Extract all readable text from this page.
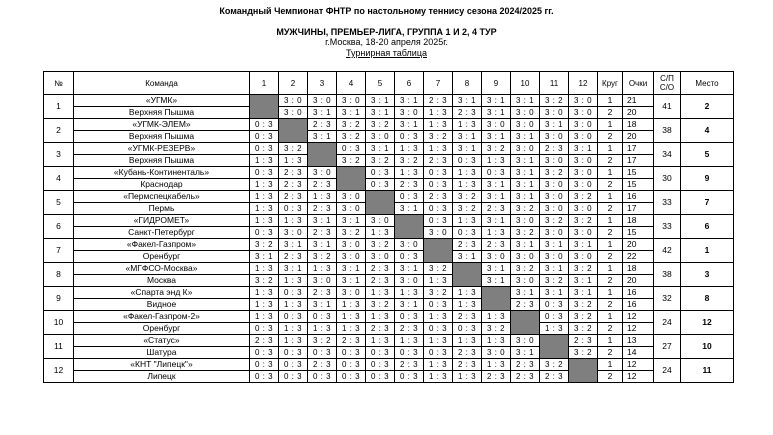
Командный Чемпионат ФНТР по настольному теннису сезона 2024/2025 гг.
МУЖЧИНЫ, ПРЕМЬЕР-ЛИГА, ГРУППА 1 И 2, 4 ТУР
г.Москва, 18-20 апреля 2025г.
Турнирная таблица
№	Команда	1	2	3	4	5	6	7	8	9	10	11	12	Круг	Очки	С/П С/О	Место
1	«УГМК»		3 : 0	3 : 0	3 : 0	3 : 1	3 : 1	2 : 3	3 : 1	3 : 1	3 : 1	3 : 2	3 : 0	1	21	41	2
	Верхняя Пышма		3 : 0	3 : 1	3 : 1	3 : 1	3 : 0	1 : 3	2 : 3	3 : 1	3 : 0	3 : 0	3 : 0	2	20		
2	«УГМК-ЭЛЕМ»	0 : 3		2 : 3	3 : 2	3 : 2	3 : 1	1 : 3	1 : 3	3 : 0	3 : 0	3 : 1	3 : 0	1	18	38	4
	Верхняя Пышма	0 : 3		3 : 1	3 : 2	3 : 0	0 : 3	3 : 2	3 : 1	3 : 1	3 : 1	3 : 0	3 : 0	2	20		
3	«УГМК-РЕЗЕРВ»	0 : 3	3 : 2		0 : 3	3 : 1	1 : 3	1 : 3	3 : 1	3 : 2	3 : 0	2 : 3	3 : 1	1	17	34	5
	Верхняя Пышма	1 : 3	1 : 3		3 : 2	3 : 2	3 : 2	2 : 3	0 : 3	1 : 3	3 : 1	3 : 0	3 : 0	2	17		
4	«Кубань-Континенталь»	0 : 3	2 : 3	3 : 0		0 : 3	1 : 3	0 : 3	1 : 3	0 : 3	3 : 1	3 : 2	3 : 0	1	15	30	9
	Краснодар	1 : 3	2 : 3	2 : 3		0 : 3	2 : 3	0 : 3	1 : 3	3 : 1	3 : 1	3 : 0	3 : 0	2	15		
5	«Пермспецкабель»	1 : 3	2 : 3	1 : 3	3 : 0		0 : 3	2 : 3	3 : 2	3 : 1	3 : 1	3 : 0	3 : 2	1	16	33	7
	Пермь	1 : 3	0 : 3	2 : 3	3 : 0		3 : 1	0 : 3	3 : 2	2 : 3	3 : 2	3 : 0	3 : 0	2	17		
6	«ГИДРОМЕТ»	1 : 3	1 : 3	3 : 1	3 : 1	3 : 0		0 : 3	1 : 3	3 : 1	3 : 0	3 : 2	3 : 2	1	18	33	6
	Санкт-Петербург	0 : 3	3 : 0	2 : 3	3 : 2	1 : 3		3 : 0	0 : 3	1 : 3	3 : 2	3 : 0	3 : 0	2	15		
7	«Факел-Газпром»	3 : 2	3 : 1	3 : 1	3 : 0	3 : 2	3 : 0		2 : 3	2 : 3	3 : 1	3 : 1	3 : 1	1	20	42	1
	Оренбург	3 : 1	2 : 3	3 : 2	3 : 0	3 : 0	0 : 3		3 : 1	3 : 0	3 : 0	3 : 0	3 : 0	2	22		
8	«МГФСО-Москва»	1 : 3	3 : 1	1 : 3	3 : 1	2 : 3	3 : 1	3 : 2		3 : 1	3 : 2	3 : 1	3 : 2	1	18	38	3
	Москва	3 : 2	1 : 3	3 : 0	3 : 1	2 : 3	3 : 0	1 : 3		3 : 1	3 : 0	3 : 2	3 : 1	2	20		
9	«Спарта энд К»	1 : 3	0 : 3	2 : 3	3 : 0	1 : 3	1 : 3	3 : 2	1 : 3		3 : 1	3 : 1	3 : 1	1	16	32	8
	Видное	1 : 3	1 : 3	3 : 1	1 : 3	3 : 2	3 : 1	0 : 3	1 : 3		2 : 3	0 : 3	3 : 2	2	16		
10	«Факел-Газпром-2»	1 : 3	0 : 3	0 : 3	1 : 3	1 : 3	0 : 3	1 : 3	2 : 3	1 : 3		0 : 3	3 : 2	1	12	24	12
	Оренбург	0 : 3	1 : 3	1 : 3	1 : 3	2 : 3	2 : 3	0 : 3	0 : 3	3 : 2		1 : 3	3 : 2	2	12		
11	«Статус»	2 : 3	1 : 3	3 : 2	2 : 3	1 : 3	1 : 3	1 : 3	1 : 3	1 : 3	3 : 0		2 : 3	1	13	27	10
	Шатура	0 : 3	0 : 3	0 : 3	0 : 3	0 : 3	0 : 3	0 : 3	2 : 3	3 : 0	3 : 1		3 : 2	2	14		
12	«КНТ "Липецк"»	0 : 3	0 : 3	2 : 3	0 : 3	0 : 3	2 : 3	1 : 3	2 : 3	1 : 3	2 : 3	3 : 2		1	12	24	11
	Липецк	0 : 3	0 : 3	0 : 3	0 : 3	0 : 3	0 : 3	1 : 3	1 : 3	2 : 3	2 : 3	2 : 3		2	12		
